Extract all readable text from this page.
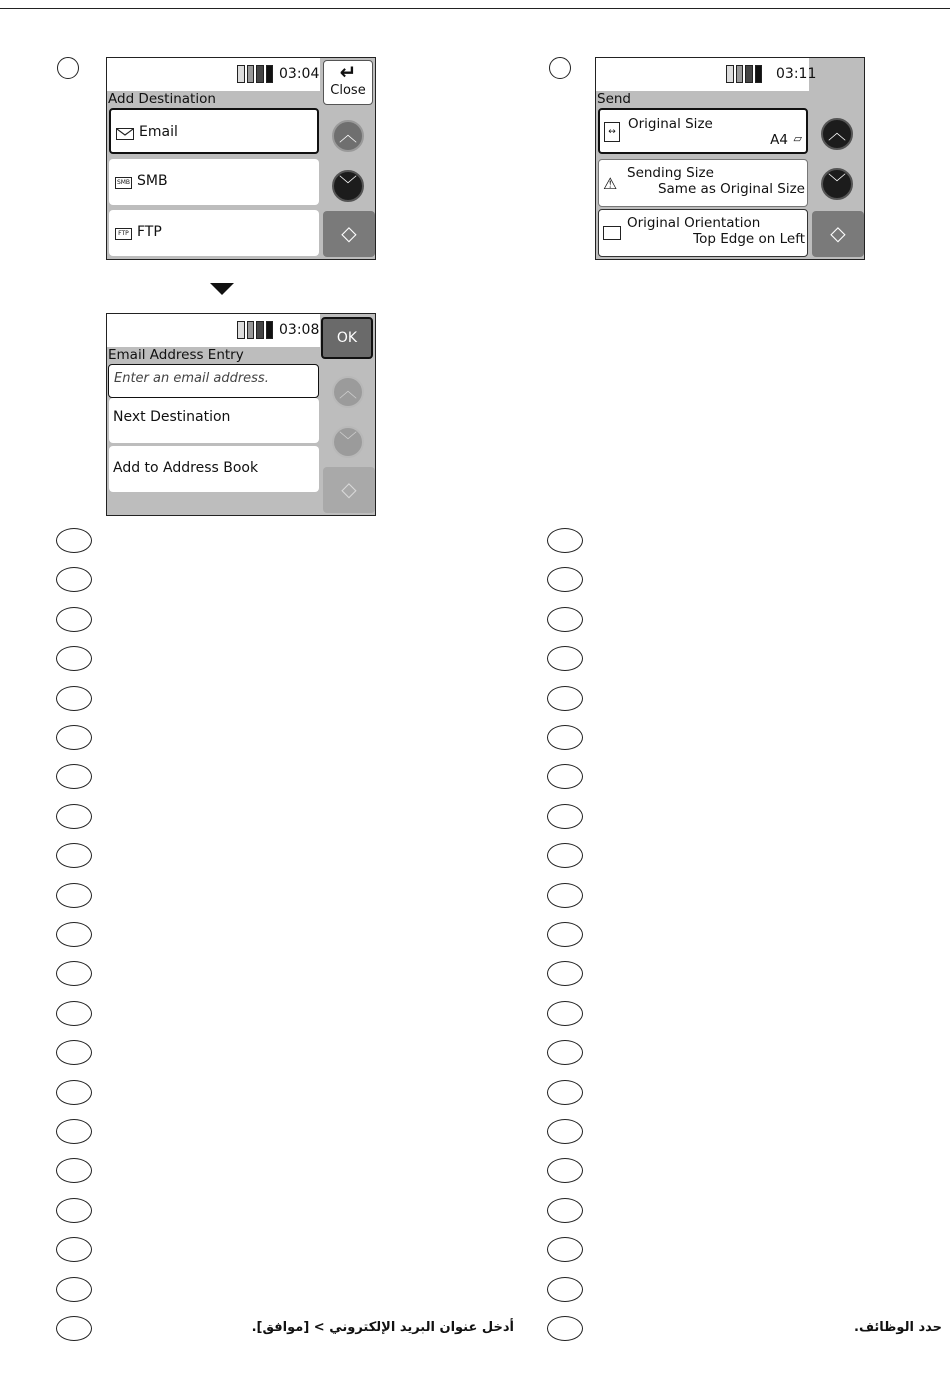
03:04	↵
Close
Add Destination
Email
SMB SMB
FTP FTP
︿
﹀
◇
03:08	OK
Email Address Entry
Enter an email address.
Next Destination
Add to Address Book
︿
﹀
◇
03:11
Send
↔ Original Size
A4 ▱
⚠
Sending Size
Same as Original Size
Original Orientation
Top Edge on Left
︿
﹀
◇
أدخل عنوان البريد الإلكتروني > [موافق].	حدد الوظائف.
